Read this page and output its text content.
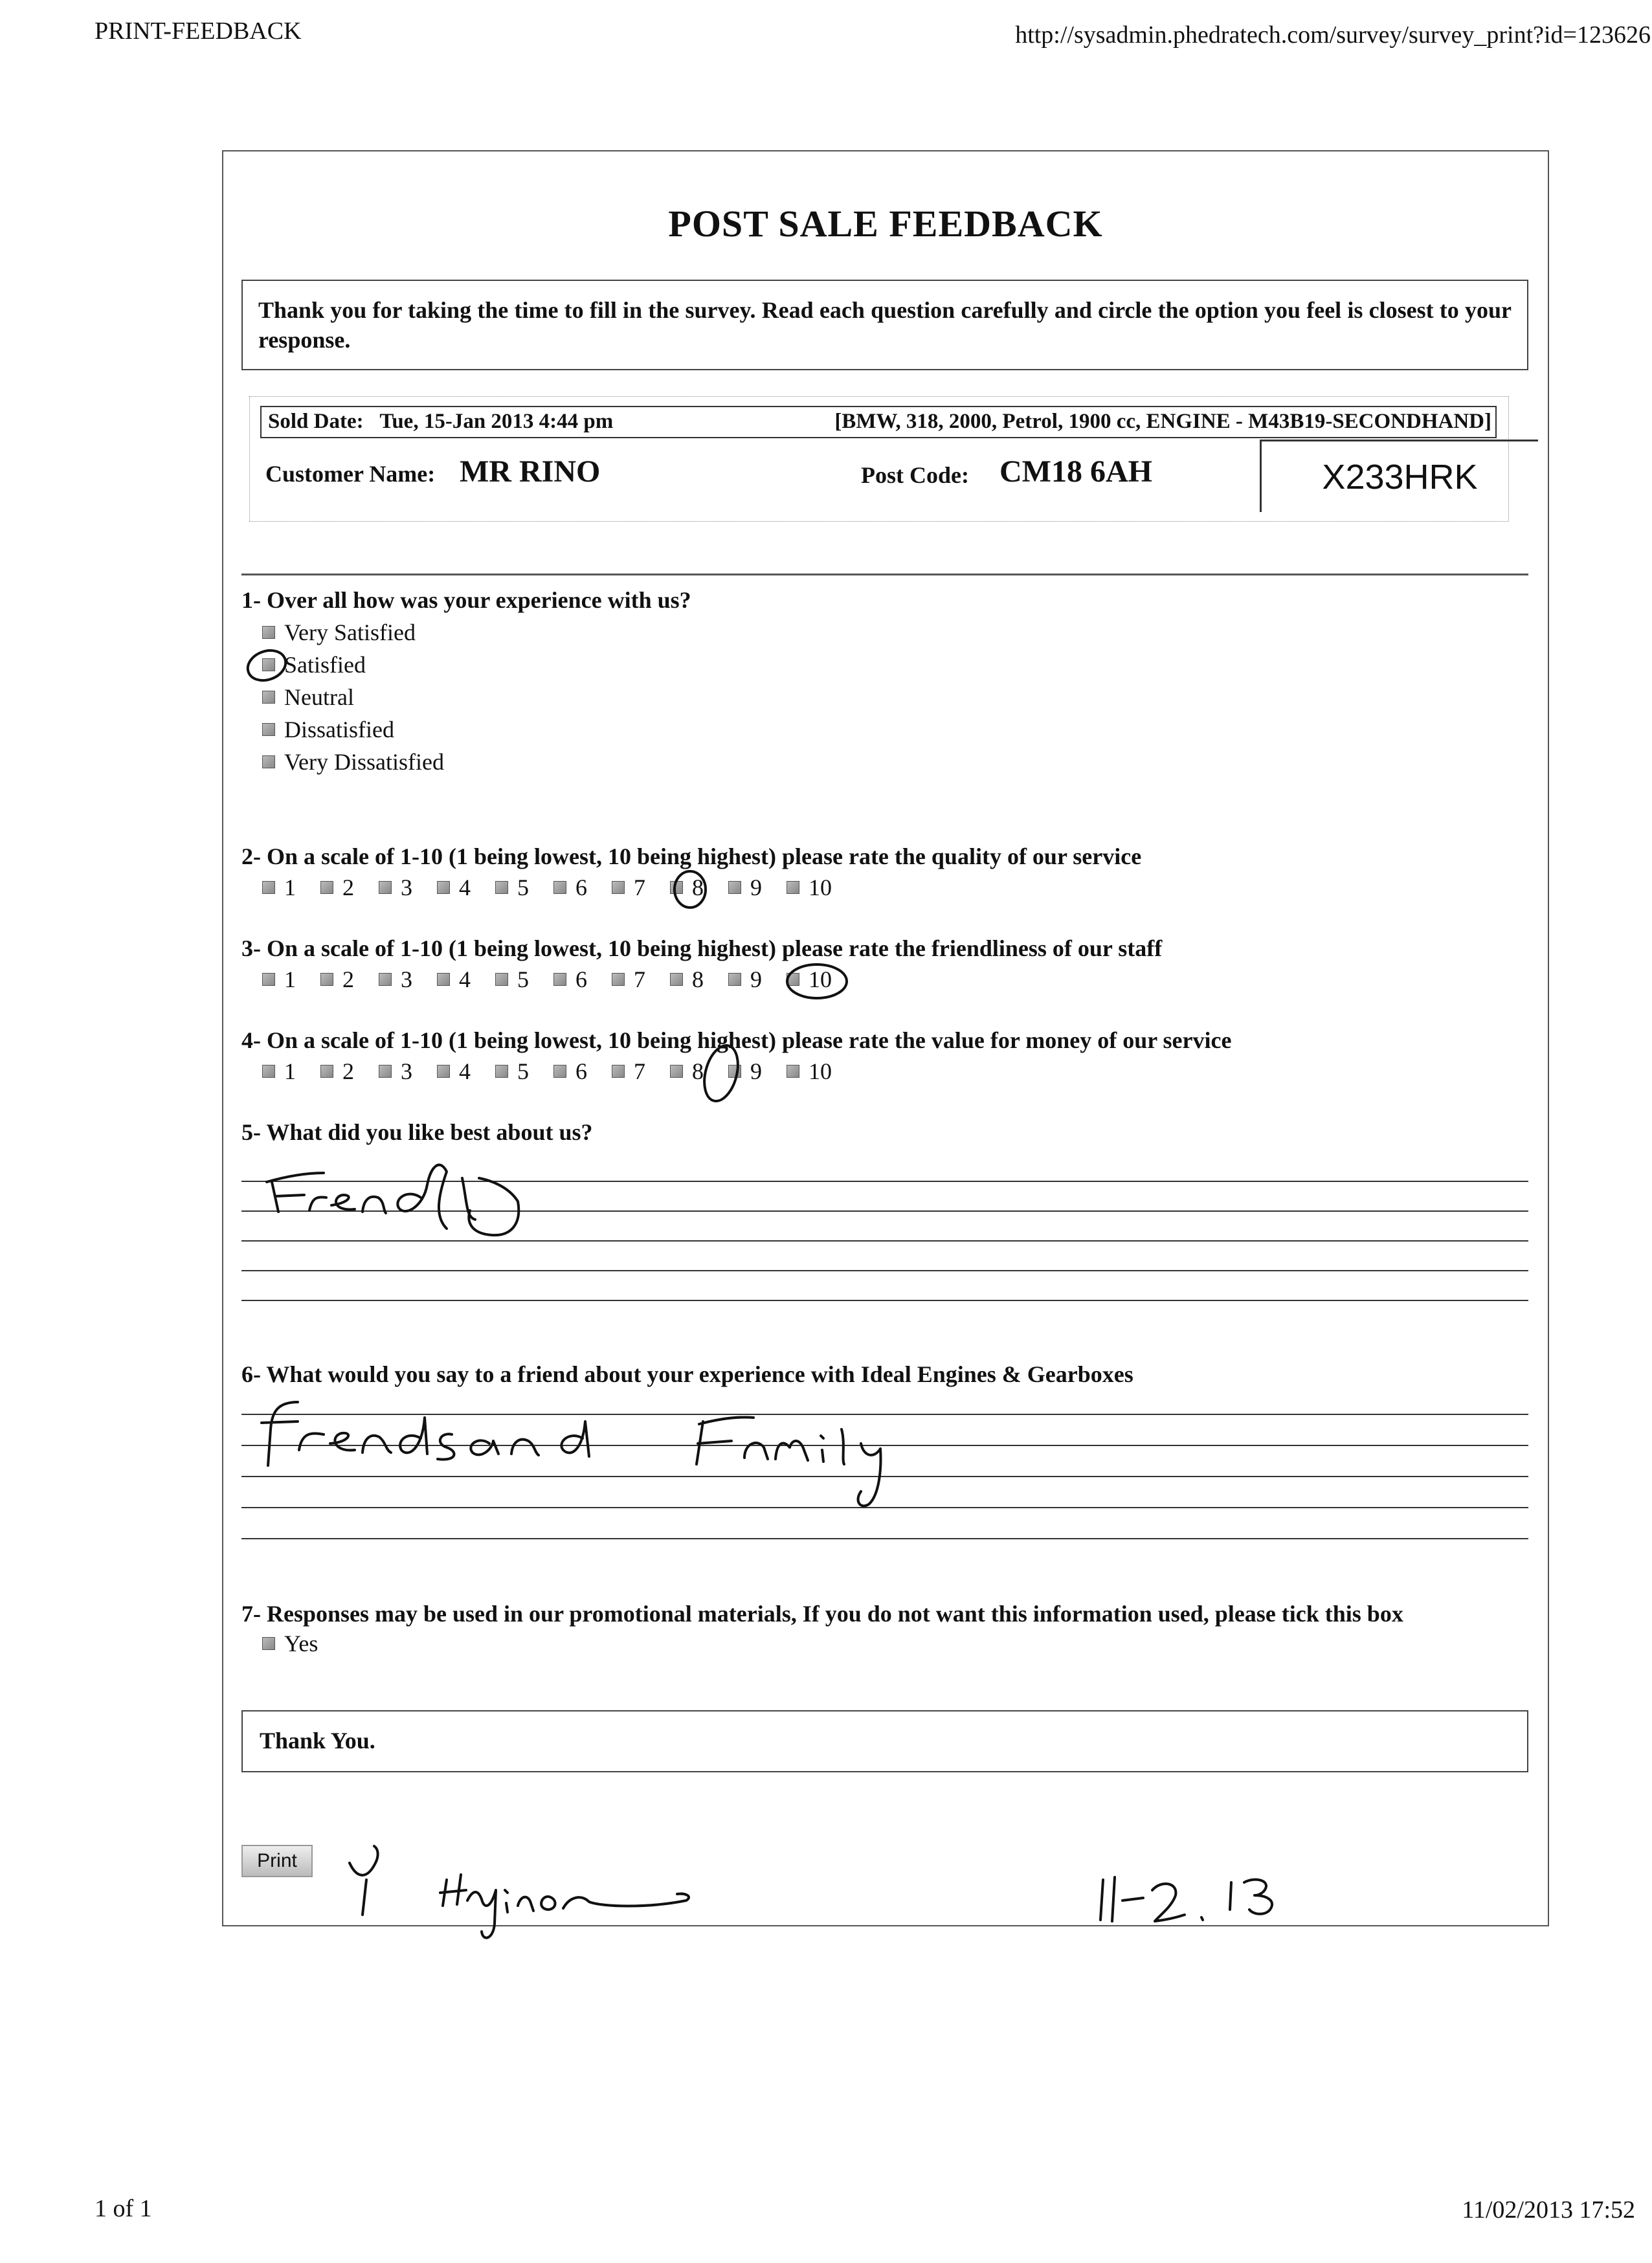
PRINT-FEEDBACK	http://sysadmin.phedratech.com/survey/survey_print?id=123626
1 of 1	11/02/2013 17:52
POST SALE FEEDBACK
Thank you for taking the time to fill in the survey. Read each question carefully and circle the option you feel is closest to your response.
Sold Date: Tue, 15-Jan 2013 4:44 pm	[BMW, 318, 2000, Petrol, 1900 cc, ENGINE - M43B19-SECONDHAND]
Customer Name: MR RINO	Post Code: CM18 6AH	X233HRK
1- Over all how was your experience with us?
Very Satisfied
Satisfied
Neutral
Dissatisfied
Very Dissatisfied
2- On a scale of 1-10 (1 being lowest, 10 being highest) please rate the quality of our service
1 2 3 4 5 6 7 8 9 10
3- On a scale of 1-10 (1 being lowest, 10 being highest) please rate the friendliness of our staff
1 2 3 4 5 6 7 8 9 10
4- On a scale of 1-10 (1 being lowest, 10 being highest) please rate the value for money of our service
1 2 3 4 5 6 7 8 9 10
5- What did you like best about us?
6- What would you say to a friend about your experience with Ideal Engines & Gearboxes
7- Responses may be used in our promotional materials, If you do not want this information used, please tick this box
Yes
Thank You.
Print
